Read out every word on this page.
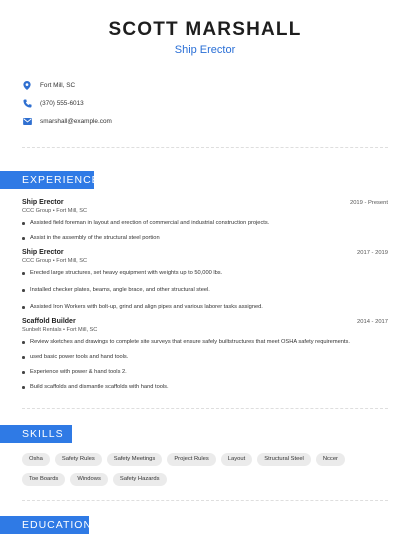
SCOTT MARSHALL
Ship Erector
Fort Mill, SC
(370) 555-6013
smarshall@example.com
EXPERIENCE
Ship Erector	2019 - Present
CCC Group • Fort Mill, SC
Assisted field foreman in layout and erection of commercial and industrial construction projects.
Assist in the assembly of the structural steel portion
Ship Erector	2017 - 2019
CCC Group • Fort Mill, SC
Erected large structures, set heavy equipment with weights up to 50,000 lbs.
Installed checker plates, beams, angle brace, and other structural steel.
Assisted Iron Workers with bolt-up, grind and align pipes and various laborer tasks assigned.
Scaffold Builder	2014 - 2017
Sunbelt Rentals • Fort Mill, SC
Review sketches and drawings to complete site surveys that ensure safely builtstructures that meet OSHA safety requirements.
used basic power tools and hand tools.
Experience with power & hand tools 2.
Build scaffolds and dismantle scaffolds with hand tools.
SKILLS
Osha	Safety Rules	Safety Meetings	Project Rules	Layout	Structural Steel	Nccer
Toe Boards	Windows	Safety Hazards
EDUCATION
